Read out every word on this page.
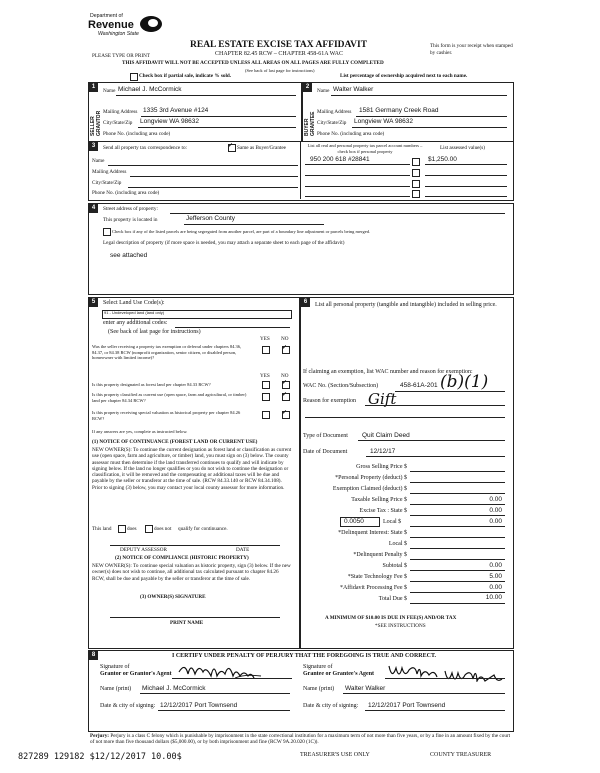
Department of
Revenue
Washington State
REAL ESTATE EXCISE TAX AFFIDAVIT
CHAPTER 82.45 RCW – CHAPTER 458-61A WAC
PLEASE TYPE OR PRINT
THIS AFFIDAVIT WILL NOT BE ACCEPTED UNLESS ALL AREAS ON ALL PAGES ARE FULLY COMPLETED
This form is your receipt when stamped by cashier.
Check box if partial sale, indicate % sold.
(See back of last page for instructions)
List percentage of ownership acquired next to each name.
1	2
SELLER GRANTOR	BUYER GRANTEE
Name Michael J. McCormick
Mailing Address 1335 3rd Avenue #124
City/State/Zip Longview WA 98632
Phone No. (including area code)
Name Walter Walker
Mailing Address 1581 Germany Creek Road
City/State/Zip Longview WA 98632
Phone No. (including area code)
3	Send all property tax correspondence to:	✓ Same as Buyer/Grantee
Name
Mailing Address
City/State/Zip
Phone No. (including area code)
List all real and personal property tax parcel account numbers – check box if personal property
List assessed value(s)
950 200 618 #28841	$1,250.00
4	Street address of property:
This property is located in	Jefferson County
Check box if any of the listed parcels are being segregated from another parcel, are part of a boundary line adjustment or parcels being merged.
Legal description of property (if more space is needed, you may attach a separate sheet to each page of the affidavit)
see attached
5	Select Land Use Code(s):
91 - Undeveloped land (land only)
enter any additional codes:
(See back of last page for instructions)
YES NO
Was the seller receiving a property tax exemption or deferral under chapters 84.36, 84.37, or 84.38 RCW (nonprofit organization, senior citizen, or disabled person, homeowner with limited income)?
✓
YES NO
Is this property designated as forest land per chapter 84.33 RCW?	✓
Is this property classified as current use (open space, farm and agricultural, or timber) land per chapter 84.34 RCW?
✓
Is this property receiving special valuation as historical property per chapter 84.26 RCW?
✓
If any answers are yes, complete as instructed below.
(1) NOTICE OF CONTINUANCE (FOREST LAND OR CURRENT USE)
NEW OWNER(S): To continue the current designation as forest land or classification as current use (open space, farm and agriculture, or timber) land, you must sign on (3) below. The county assessor must then determine if the land transferred continues to qualify and will indicate by signing below. If the land no longer qualifies or you do not wish to continue the designation or classification, it will be removed and the compensating or additional taxes will be due and payable by the seller or transferor at the time of sale. (RCW 84.33.140 or RCW 84.34.108). Prior to signing (3) below, you may contact your local county assessor for more information.
This land	does	does not qualify for continuance.
DEPUTY ASSESSOR	DATE
(2) NOTICE OF COMPLIANCE (HISTORIC PROPERTY)
NEW OWNER(S): To continue special valuation as historic property, sign (3) below. If the new owner(s) does not wish to continue, all additional tax calculated pursuant to chapter 84.26 RCW, shall be due and payable by the seller or transferor at the time of sale.
(3) OWNER(S) SIGNATURE
PRINT NAME
6	List all personal property (tangible and intangible) included in selling price.
If claiming an exemption, list WAC number and reason for exemption:
WAC No. (Section/Subsection)	458-61A-201 (b)(1)
Reason for exemption Gift
Type of Document Quit Claim Deed
Date of Document	12/12/17
Gross Selling Price $
*Personal Property (deduct) $
Exemption Claimed (deduct) $
Taxable Selling Price $	0.00
Excise Tax : State $	0.00
0.0050	Local $	0.00
*Delinquent Interest: State $
Local $
*Delinquent Penalty $
Subtotal $	0.00
*State Technology Fee $	5.00
*Affidavit Processing Fee $	0.00
Total Due $	10.00
A MINIMUM OF $10.00 IS DUE IN FEE(S) AND/OR TAX
*SEE INSTRUCTIONS
8	I CERTIFY UNDER PENALTY OF PERJURY THAT THE FOREGOING IS TRUE AND CORRECT.
Signature of
Grantor or Grantor's Agent
Name (print) Michael J. McCormick
Date & city of signing: 12/12/2017 Port Townsend
Signature of
Grantee or Grantee's Agent
Name (print) Walter Walker
Date & city of signing: 12/12/2017 Port Townsend
Perjury: Perjury is a class C felony which is punishable by imprisonment in the state correctional institution for a maximum term of not more than five years, or by a fine in an amount fixed by the court of not more than five thousand dollars ($5,000.00), or by both imprisonment and fine (RCW 9A.20.020 (1C)).
TREASURER'S USE ONLY	COUNTY TREASURER
827289 129182 $12/12/2017 10.00$
